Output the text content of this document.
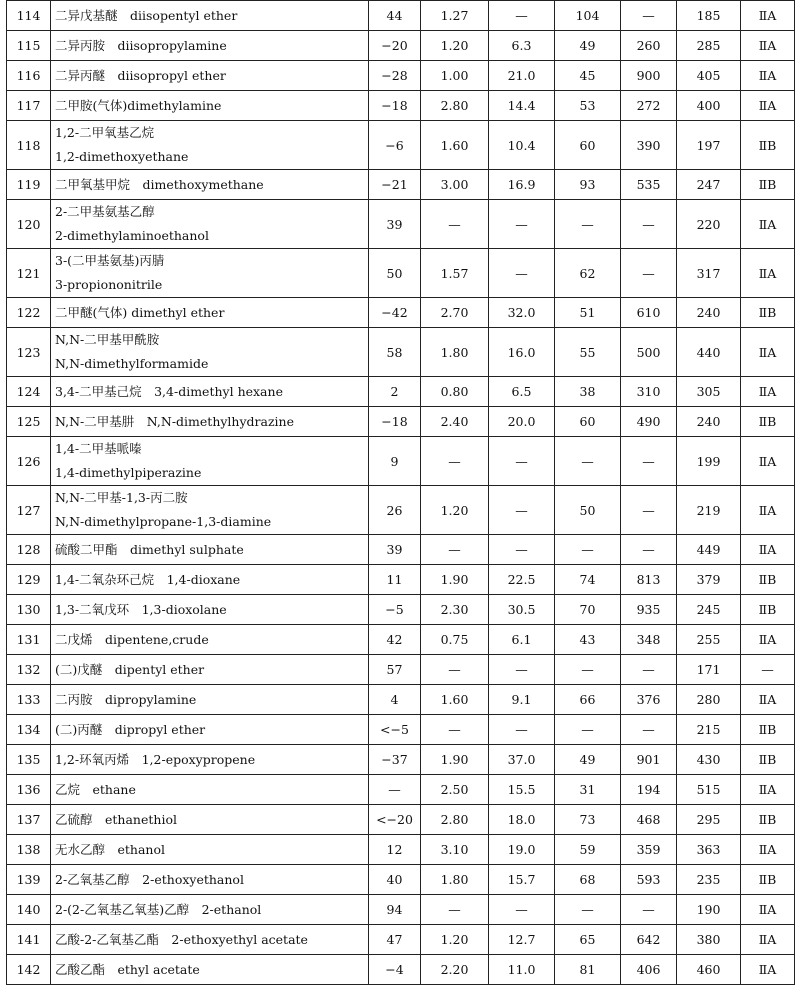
114	二异戊基醚　diisopentyl ether	44	1.27	—	104	—	185	ⅡA
115	二异丙胺　diisopropylamine	−20	1.20	6.3	49	260	285	ⅡA
116	二异丙醚　diisopropyl ether	−28	1.00	21.0	45	900	405	ⅡA
117	二甲胺(气体)dimethylamine	−18	2.80	14.4	53	272	400	ⅡA
118	1,2-二甲氧基乙烷
1,2-dimethoxyethane	−6	1.60	10.4	60	390	197	ⅡB
119	二甲氧基甲烷　dimethoxymethane	−21	3.00	16.9	93	535	247	ⅡB
120	2-二甲基氨基乙醇
2-dimethylaminoethanol	39	—	—	—	—	220	ⅡA
121	3-(二甲基氨基)丙腈
3-propiononitrile	50	1.57	—	62	—	317	ⅡA
122	二甲醚(气体) dimethyl ether	−42	2.70	32.0	51	610	240	ⅡB
123	N,N-二甲基甲酰胺
N,N-dimethylformamide	58	1.80	16.0	55	500	440	ⅡA
124	3,4-二甲基己烷　3,4-dimethyl hexane	2	0.80	6.5	38	310	305	ⅡA
125	N,N-二甲基肼　N,N-dimethylhydrazine	−18	2.40	20.0	60	490	240	ⅡB
126	1,4-二甲基哌嗪
1,4-dimethylpiperazine	9	—	—	—	—	199	ⅡA
127	N,N-二甲基-1,3-丙二胺
N,N-dimethylpropane-1,3-diamine	26	1.20	—	50	—	219	ⅡA
128	硫酸二甲酯　dimethyl sulphate	39	—	—	—	—	449	ⅡA
129	1,4-二氧杂环己烷　1,4-dioxane	11	1.90	22.5	74	813	379	ⅡB
130	1,3-二氧戊环　1,3-dioxolane	−5	2.30	30.5	70	935	245	ⅡB
131	二戊烯　dipentene,crude	42	0.75	6.1	43	348	255	ⅡA
132	(二)戊醚　dipentyl ether	57	—	—	—	—	171	—
133	二丙胺　dipropylamine	4	1.60	9.1	66	376	280	ⅡA
134	(二)丙醚　dipropyl ether	<−5	—	—	—	—	215	ⅡB
135	1,2-环氧丙烯　1,2-epoxypropene	−37	1.90	37.0	49	901	430	ⅡB
136	乙烷　ethane	—	2.50	15.5	31	194	515	ⅡA
137	乙硫醇　ethanethiol	<−20	2.80	18.0	73	468	295	ⅡB
138	无水乙醇　ethanol	12	3.10	19.0	59	359	363	ⅡA
139	2-乙氧基乙醇　2-ethoxyethanol	40	1.80	15.7	68	593	235	ⅡB
140	2-(2-乙氧基乙氧基)乙醇　2-ethanol	94	—	—	—	—	190	ⅡA
141	乙酸-2-乙氧基乙酯　2-ethoxyethyl acetate	47	1.20	12.7	65	642	380	ⅡA
142	乙酸乙酯　ethyl acetate	−4	2.20	11.0	81	406	460	ⅡA
